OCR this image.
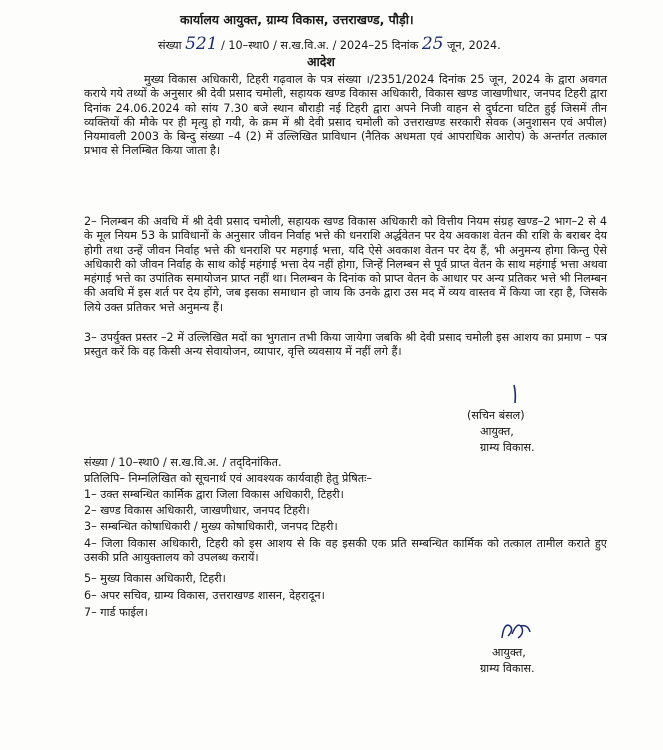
कार्यालय आयुक्त, ग्राम्य विकास, उत्तराखण्ड, पौड़ी।
संख्या 521 / 10–स्था0 / स.ख.वि.अ. / 2024–25 दिनांक 25 जून, 2024.
आदेश
मुख्य विकास अधिकारी, टिहरी गढ़वाल के पत्र संख्या ।/2351/2024 दिनांक 25 जून, 2024 के द्वारा अवगत कराये गये तथ्यों के अनुसार श्री देवी प्रसाद चमोली, सहायक खण्ड विकास अधिकारी, विकास खण्ड जाखणीधार, जनपद टिहरी द्वारा दिनांक 24.06.2024 को सांय 7.30 बजे स्थान बौराड़ी नई टिहरी द्वारा अपने निजी वाहन से दुर्घटना घटित हुई जिसमें तीन व्यक्तियों की मौके पर ही मृत्यु हो गयी, के क्रम में श्री देवी प्रसाद चमोली को उत्तराखण्ड सरकारी सेवक (अनुशासन एवं अपील) नियमावली 2003 के बिन्दु संख्या –4 (2) में उल्लिखित प्राविधान (नैतिक अधमता एवं आपराधिक आरोप) के अन्तर्गत तत्काल प्रभाव से निलम्बित किया जाता है।
2– निलम्बन की अवधि में श्री देवी प्रसाद चमोली, सहायक खण्ड विकास अधिकारी को वित्तीय नियम संग्रह खण्ड–2 भाग–2 से 4 के मूल नियम 53 के प्राविधानों के अनुसार जीवन निर्वाह भत्ते की धनराशि अर्द्धवेतन पर देय अवकाश वेतन की राशि के बराबर देय होगी तथा उन्हें जीवन निर्वाह भत्ते की धनराशि पर महगाई भत्ता, यदि ऐसे अवकाश वेतन पर देय हैं, भी अनुमन्य होगा किन्तु ऐसे अधिकारी को जीवन निर्वाह के साथ कोई महंगाई भत्ता देय नहीं होगा, जिन्हें निलम्बन से पूर्व प्राप्त वेतन के साथ महंगाई भत्ता अथवा महंगाई भत्ते का उपांतिक समायोजन प्राप्त नहीं था। निलम्बन के दिनांक को प्राप्त वेतन के आधार पर अन्य प्रतिकर भत्ते भी निलम्बन की अवधि में इस शर्त पर देय होंगे, जब इसका समाधान हो जाय कि उनके द्वारा उस मद में व्यय वास्तव में किया जा रहा है, जिसके लिये उक्त प्रतिकर भत्ते अनुमन्य हैं।
3– उपर्युक्त प्रस्तर –2 में उल्लिखित मदों का भुगतान तभी किया जायेगा जबकि श्री देवी प्रसाद चमोली इस आशय का प्रमाण – पत्र प्रस्तुत करें कि वह किसी अन्य सेवायोजन, व्यापार, वृत्ति व्यवसाय में नहीं लगे हैं।
(सचिन बंसल)
आयुक्त,
ग्राम्य विकास.
संख्या / 10–स्था0 / स.ख.वि.अ. / तद्‌दिनांकित.
प्रतिलिपि– निम्नलिखित को सूचनार्थ एवं आवश्यक कार्यवाही हेतु प्रेषितः–
1– उक्त सम्बन्धित कार्मिक द्वारा जिला विकास अधिकारी, टिहरी।
2– खण्ड विकास अधिकारी, जाखणीधार, जनपद टिहरी।
3– सम्बन्धित कोषाधिकारी / मुख्य कोषाधिकारी, जनपद टिहरी।
4– जिला विकास अधिकारी, टिहरी को इस आशय से कि वह इसकी एक प्रति सम्बन्धित कार्मिक को तत्काल तामील कराते हुए उसकी प्रति आयुक्तालय को उपलब्ध करायें।
5– मुख्य विकास अधिकारी, टिहरी।
6– अपर सचिव, ग्राम्य विकास, उत्तराखण्ड शासन, देहरादून।
7– गार्ड फाईल।
आयुक्त,
ग्राम्य विकास.
